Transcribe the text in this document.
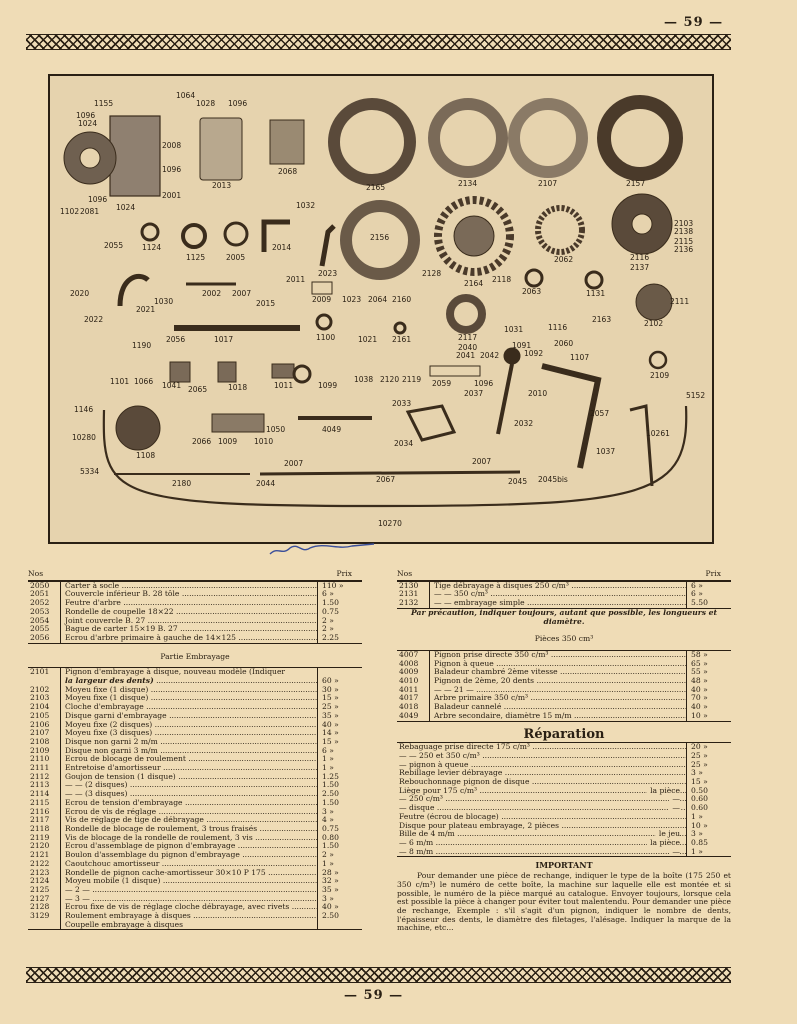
— 59 —
1064
1155	1028 1096
1096
1024
2008
1096
1096	2001
1102 2081 1024
2013
2068
2165	2134	2107	2157
1032
2055	1124
1125	2005
2014
2156
2062
2103
2138
2115
2136
2116
2137
2011
2023	2128
2164 2118
2020
1030
2002 2007
2015	2009 1023 2064 2160
2063	1131
2111
2021
2022
1031	1116
2163	2102
1190
2056	1017	1100	1021 2161	2117
2040
2041 2042
1091
1092
2060
1107
2109
1101 1066 1041 2065	1018	1011	1099
1038 2120 2119 2059	1096
2037	2010	5152
1146
2033
2057
10280	2066 1009
1050
1010
4049
2034
2032
10261
1108	1037
5334
2007	2007
2180	2044	2067	2045 2045bis
10270
Nos	Prix
2050	Carter à socle .....	110 »
2051	Couvercle inférieur B. 28 tôle .....	6 »
2052	Feutre d'arbre .....	1.50
2053	Rondelle de coupelle 18×22 .....	0.75
2054	Joint couvercle B. 27 .....	2 »
2055	Bague de carter 15×19 B. 27 .....	2 »
2056	Ecrou d'arbre primaire à gauche de 14×125 .....	2.25
Partie Embrayage
2101	Pignon d'embrayage à disque, nouveau modèle (Indiquer
la largeur des dents) .....	60 »
2102	Moyeu fixe (1 disque) .....	30 »
2103	Moyeu fixe (1 disque) .....	15 »
2104	Cloche d'embrayage .....	25 »
2105	Disque garni d'embrayage .....	35 »
2106	Moyeu fixe (2 disques) .....	40 »
2107	Moyeu fixe (3 disques) .....	14 »
2108	Disque non garni 2 m/m .....	15 »
2109	Disque non garni 3 m/m .....	6 »
2110	Ecrou de blocage de roulement .....	1 »
2111	Entretoise d'amortisseur .....	1 »
2112	Goujon de tension (1 disque) .....	1.25
2113	— — (2 disques) .....	1.50
2114	— — (3 disques) .....	2.50
2115	Ecrou de tension d'embrayage .....	1.50
2116	Ecrou de vis de réglage .....	3 »
2117	Vis de réglage de tige de débrayage .....	4 »
2118	Rondelle de blocage de roulement, 3 trous fraisés .....	0.75
2119	Vis de blocage de la rondelle de roulement, 3 vis .....	0.80
2120	Ecrou d'assemblage de pignon d'embrayage .....	1.50
2121	Boulon d'assemblage du pignon d'embrayage .....	2 »
2122	Caoutchouc amortisseur .....	1 »
2123	Rondelle de pignon cache-amortisseur 30×10 P 175 .....	28 »
2124	Moyeu mobile (1 disque) .....	32 »
2125	— 2 — .....	35 »
2127	— 3 — .....	3 »
2128	Ecrou fixe de vis de réglage cloche débrayage, avec rivets .....	40 »
3129	Roulement embrayage à disques .....	2.50
Coupelle embrayage à disques
Nos	Prix
2130	Tige débrayage à disques 250 c/m³ .....	6 »
2131	— — 350 c/m³ .....	6 »
2132	— — embrayage simple .....	5.50
Par précaution, indiquer toujours, autant que possible, les longueurs et diamètre.
Pièces 350 cm³
4007	Pignon prise directe 350 c/m³ .....	58 »
4008	Pignon à queue .....	65 »
4009	Baladeur chambré 2ème vitesse .....	55 »
4010	Pignon de 2ème, 20 dents .....	48 »
4011	— — 21 — .....	40 »
4017	Arbre primaire 350 c/m³ .....	70 »
4018	Baladeur cannelé .....	40 »
4049	Arbre secondaire, diamètre 15 m/m .....	10 »
Réparation
Rebaguage prise directe 175 c/m³ .....	20 »
— — 250 et 350 c/m³ .....	25 »
— pignon à queue .....	25 »
Rebillage levier débrayage .....	3 »
Rebouchonnage pignon de disque .....	15 »
Liège pour 175 c/m³ .....	la pièce	0.50
— 250 c/m³ .....	—	0.60
— disque .....	—	0.60
Feutre (écrou de blocage) .....	1 »
Disque pour plateau embrayage, 2 pièces .....	10 »
Bille de 4 m/m .....	le jeu	3 »
— 6 m/m .....	la pièce	0.85
— 8 m/m .....	—	1 »
IMPORTANT
Pour demander une pièce de rechange, indiquer le type de la boîte (175 250 et 350 c/m³) le numéro de cette boîte, la machine sur laquelle elle est montée et si possible, le numéro de la pièce marqué au catalogue. Envoyer toujours, lorsque cela est possible la pièce à changer pour éviter tout malentendu. Pour demander une pièce de rechange, Exemple : s'il s'agit d'un pignon, indiquer le nombre de dents, l'épaisseur des dents, le diamètre des filetages, l'alésage. Indiquer la marque de la machine, etc...
— 59 —
